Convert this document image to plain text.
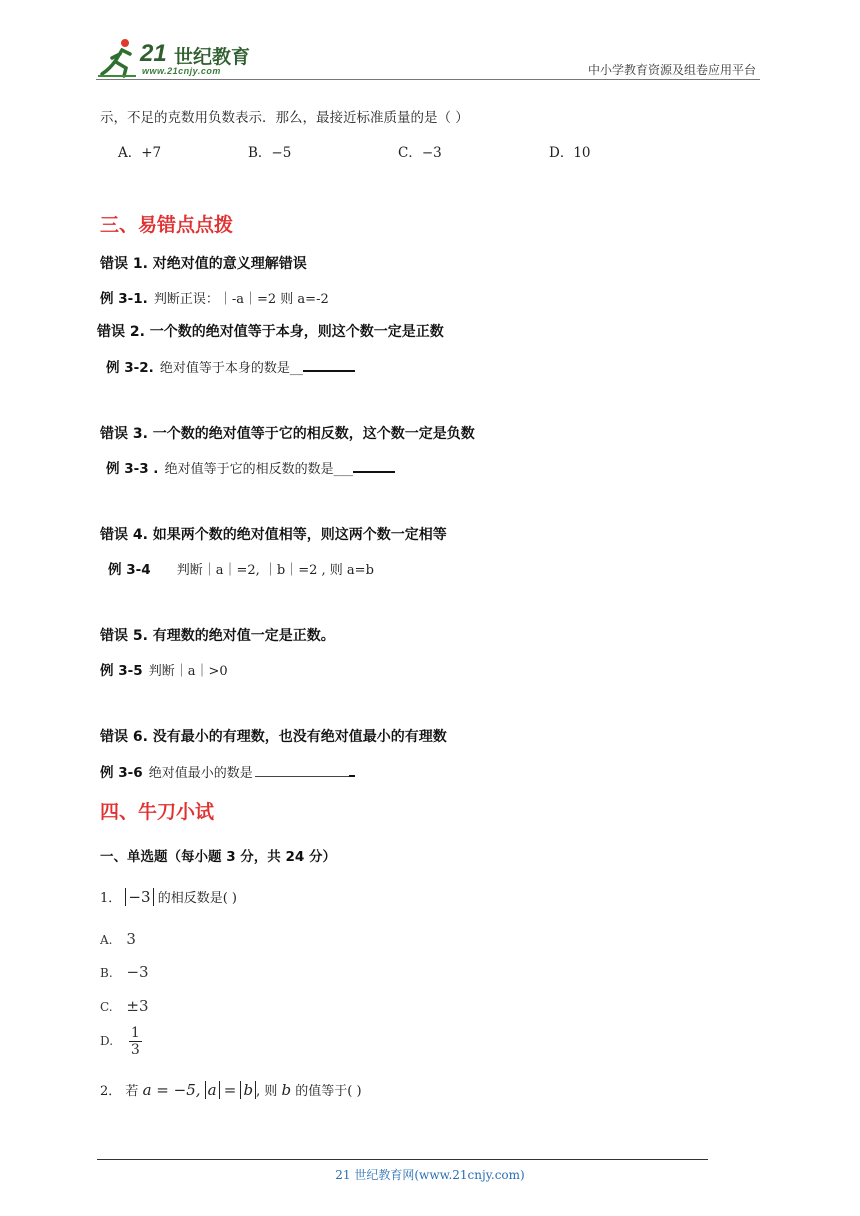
21 世纪教育
www.21cnjy.com	中小学教育资源及组卷应用平台
示，不足的克数用负数表示．那么，最接近标准质量的是（ ）
A．+7	B．−5	C．−3	D．10
三、易错点点拨
错误 1. 对绝对值的意义理解错误
例 3-1. 判断正误：｜-a｜=2 则 a=-2
错误 2. 一个数的绝对值等于本身，则这个数一定是正数
例 3-2. 绝对值等于本身的数是__
错误 3. 一个数的绝对值等于它的相反数，这个数一定是负数
例 3-3 . 绝对值等于它的相反数的数是___
错误 4. 如果两个数的绝对值相等，则这两个数一定相等
例 3-4 判断｜a｜=2, ｜b｜=2 , 则 a=b
错误 5. 有理数的绝对值一定是正数。
例 3-5 判断｜a｜>0
错误 6. 没有最小的有理数，也没有绝对值最小的有理数
例 3-6 绝对值最小的数是
四、牛刀小试
一、单选题（每小题 3 分，共 24 分）
1． −3 的相反数是( )
A. 3
B. −3
C. ±3
D. $\frac{1}{3}$
2． 若 a = −5, a = b , 则 b 的值等于( )
21 世纪教育网(www.21cnjy.com)
